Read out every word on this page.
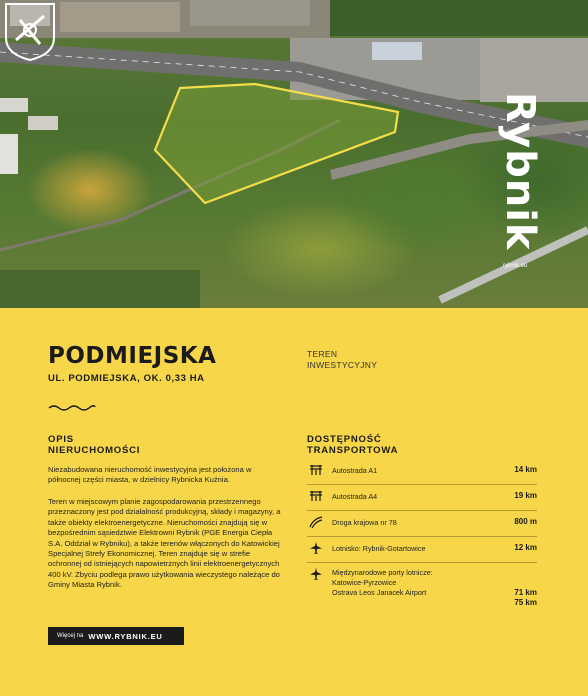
Rybnik
rybnik.eu
PODMIEJSKA
UL. PODMIEJSKA, OK. 0,33 HA
TEREN
INWESTYCYJNY
OPIS
NIERUCHOMOŚCI
Niezabudowana nieruchomość inwestycyjna jest położona w północnej części miasta, w dzielnicy Rybnicka Kuźnia.
Teren w miejscowym planie zagospodarowania przestrzennego przeznaczony jest pod działalność produkcyjną, składy i magazyny, a także obiekty elektroenergetyczne. Nieruchomości znajdują się w bezpośrednim sąsiedztwie Elektrowni Rybnik (PGE Energia Ciepła S.A. Oddział w Rybniku), a także terenów włączonych do Katowickiej Specjalnej Strefy Ekonomicznej. Teren znajduje się w strefie ochronnej od istniejących napowietrznych linii elektroenergetycznych 400 kV. Zbyciu podlega prawo użytkowania wieczystego należące do Gminy Miasta Rybnik.
Więcej na WWW.RYBNIK.EU
DOSTĘPNOŚĆ
TRANSPORTOWA
Autostrada A1	14 km
Autostrada A4	19 km
Droga krajowa nr 78	800 m
Lotnisko: Rybnik-Gotartowice	12 km
Międzynarodowe porty lotnicze:
Katowice-Pyrzowice
Ostrava Leos Janacek Airport	71 km
75 km
